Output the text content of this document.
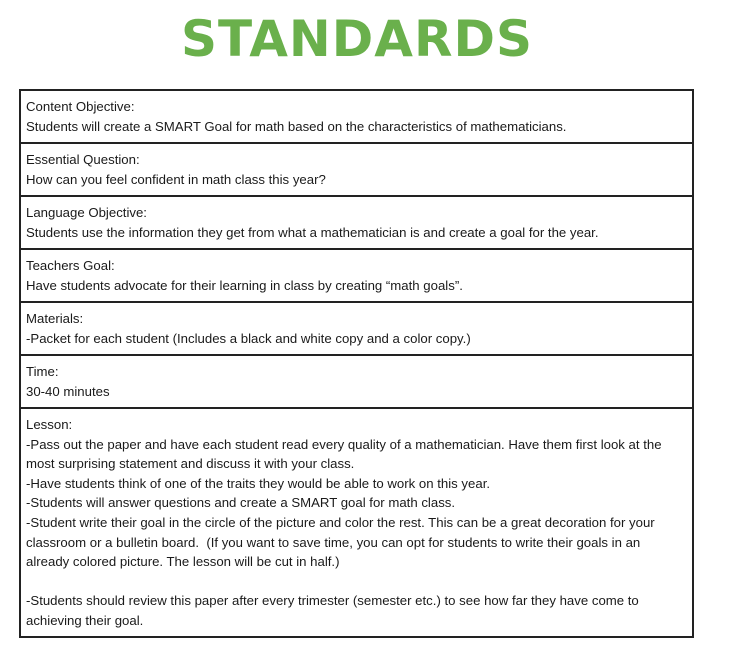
STANDARDS
Content Objective:
Students will create a SMART Goal for math based on the characteristics of mathematicians.
Essential Question:
How can you feel confident in math class this year?
Language Objective:
Students use the information they get from what a mathematician is and create a goal for the year.
Teachers Goal:
Have students advocate for their learning in class by creating “math goals”.
Materials:
-Packet for each student (Includes a black and white copy and a color copy.)
Time:
30-40 minutes
Lesson:
-Pass out the paper and have each student read every quality of a mathematician. Have them first look at the
most surprising statement and discuss it with your class.
-Have students think of one of the traits they would be able to work on this year.
-Students will answer questions and create a SMART goal for math class.
-Student write their goal in the circle of the picture and color the rest. This can be a great decoration for your
classroom or a bulletin board.  (If you want to save time, you can opt for students to write their goals in an
already colored picture. The lesson will be cut in half.)
-Students should review this paper after every trimester (semester etc.) to see how far they have come to
achieving their goal.
